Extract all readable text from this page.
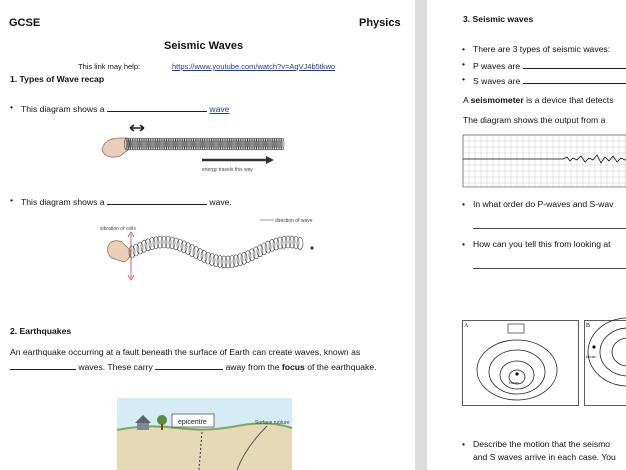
GCSE	Physics
Seismic Waves
This link may help:	https://www.youtube.com/watch?v=AqVJ4b5tkwo
1. Types of Wave recap
• This diagram shows a	wave
energy travels this way
• This diagram shows a	wave.
vibration of coils
direction of wave
2. Earthquakes
An earthquake occurring at a fault beneath the surface of Earth can create waves, known as
waves. These carry	away from the focus of the earthquake.
epicentre	Surface rupture
3. Seismic waves
• There are 3 types of seismic waves:
• P waves are
• S waves are
A seismometer is a device that detects
The diagram shows the output from a
• In what order do P-waves and S-wav
• How can you tell this from looking at
A
focus
B
focus
• Describe the motion that the seismo
and S waves arrive in each case. You
